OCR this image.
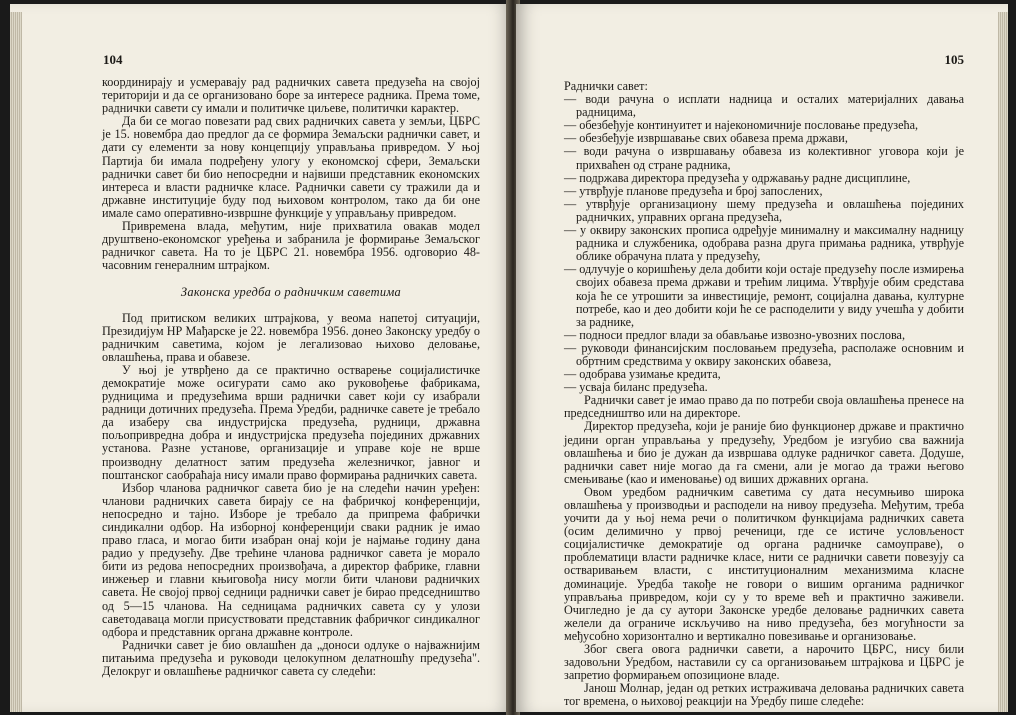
104

координирају и усмеравају рад радничких савета предузећа на својој територији и да се организовано боре за интересе радника. Према томе, раднички савети су имали и политичке циљеве, политички карактер.

Да би се могао повезати рад свих радничких савета у земљи, ЦБРС је 15. новембра дао предлог да се формира Земаљски раднички савет, и дати су елементи за нову концепцију управљања привредом. У њој Партија би имала подређену улогу у економској сфери, Земаљски раднички савет би био непосредни и највиши представник економских интереса и власти радничке класе. Раднички савети су тражили да и државне институције буду под њиховом контролом, тако да би оне имале само оперативно-извршне функције у управљању привредом.

Привремена влада, међутим, није прихватила овакав модел друштвено-економског уређења и забранила је формирање Земаљског радничког савета. На то је ЦБРС 21. новембра 1956. одговорио 48-часовним генералним штрајком.

Законска уредба о радничким саветима

Под притиском великих штрајкова, у веома напетој ситуацији, Президијум НР Мађарске је 22. новембра 1956. донео Законску уредбу о радничким саветима, којом је легализовао њихово деловање, овлашћења, права и обавезе.

У њој је утврђено да се практично остварење социјалистичке демократије може осигурати само ако руковођење фабрикама, рудницима и предузећима врши раднички савет који су изабрали радници дотичних предузећа. Према Уредби, радничке савете је требало да изаберу сва индустријска предузећа, рудници, државна пољопривредна добра и индустријска предузећа појединих државних установа. Разне установе, организације и управе које не врше производну делатност затим предузећа железничког, јавног и поштанског саобраћаја нису имали право формирања радничких савета.

Избор чланова радничког савета био је на следећи начин уређен: чланови радничких савета бирају се на фабричкој конференцији, непосредно и тајно. Изборе је требало да припрема фабрички синдикални одбор. На изборној конференцији сваки радник је имао право гласа, и могао бити изабран онај који је најмање годину дана радио у предузећу. Две трећине чланова радничког савета је морало бити из редова непосредних произвођача, а директор фабрике, главни инжењер и главни књиговођа нису могли бити чланови радничких савета. Не својој првој седници раднички савет је бирао председништво од 5—15 чланова. На седницама радничких савета су у улози саветодаваца могли присуствовати представник фабричког синдикалног одбора и представник органа државне контроле.

Раднички савет је био овлашћен да „доноси одлуке о најважнијим питањима предузећа и руководи целокупном делатношћу предузећа". Делокруг и овлашћење радничког савета су следећи:

105

Раднички савет:

— води рачуна о исплати надница и осталих материјалних давања радницима,

— обезбеђује континуитет и најекономичније пословање предузећа,

— обезбеђује извршавање свих обавеза према држави,

— води рачуна о извршавању обавеза из колективног уговора који је прихваћен од стране радника,

— подржава директора предузећа у одржавању радне дисциплине,

— утврђује планове предузећа и број запослених,

— утврђује организациону шему предузећа и овлашћења појединих радничких, управних органа предузећа,

— у оквиру законских прописа одређује минималну и максималну надницу радника и службеника, одобрава разна друга примања радника, утврђује облике обрачуна плата у предузећу,

— одлучује о коришћењу дела добити који остаје предузећу после измирења својих обавеза према држави и трећим лицима. Утврђује обим средстава која ће се утрошити за инвестиције, ремонт, социјална давања, културне потребе, као и део добити који ће се расподелити у виду учешћа у добити за раднике,

— подноси предлог влади за обављање извозно-увозних послова,

— руководи финансијским пословањем предузећа, располаже основним и обртним средствима у оквиру законских обавеза,

— одобрава узимање кредита,

— усваја биланс предузећа.

Раднички савет је имао право да по потреби своја овлашћења пренесе на председништво или на директоре.

Директор предузећа, који је раније био функционер државе и практично једини орган управљања у предузећу, Уредбом је изгубио сва важнија овлашћења и био је дужан да извршава одлуке радничког савета. Додуше, раднички савет није могао да га смени, али је могао да тражи његово смењивање (као и именовање) од виших државних органа.

Овом уредбом радничким саветима су дата несумњиво широка овлашћења у производњи и расподели на нивоу предузећа. Међутим, треба уочити да у њој нема речи о политичком функцијама радничких савета (осим делимично у првој реченици, где се истиче условљеност социјалистичке демократије од органа радничке самоуправе), о проблематици власти радничке класе, нити се раднички савети повезују са остваривањем власти, с институционалним механизмима класне доминације. Уредба такође не говори о вишим органима радничког управљања привредом, који су у то време већ и практично заживели. Очигледно је да су аутори Законске уредбе деловање радничких савета желели да ограниче искључиво на ниво предузећа, без могућности за међусобно хоризонтално и вертикално повезивање и организовање.

Због свега овога раднички савети, а нарочито ЦБРС, нису били задовољни Уредбом, наставили су са организовањем штрајкова и ЦБРС је запретио формирањем опозиционе владе.

Јанош Молнар, један од ретких истраживача деловања радничких савета тог времена, о њиховој реакцији на Уредбу пише следеће:
